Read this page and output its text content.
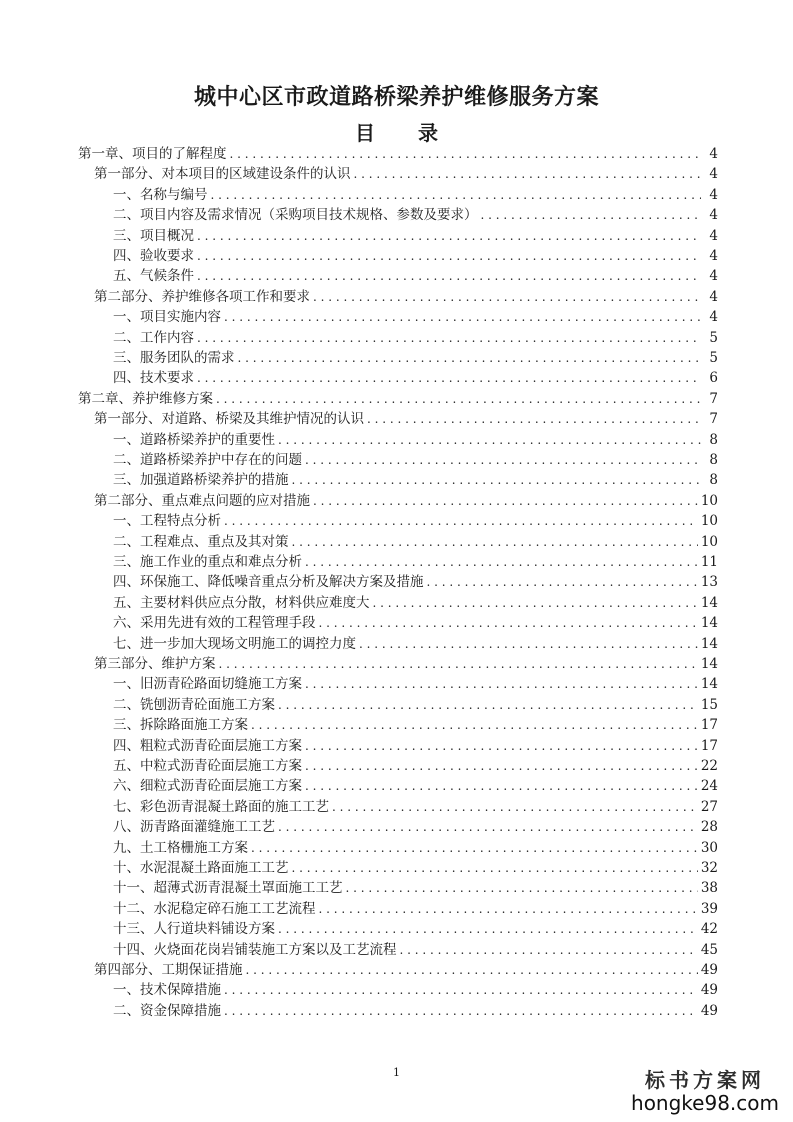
城中心区市政道路桥梁养护维修服务方案
目 录
第一章、项目的了解程度 . . .	4
第一部分、对本项目的区域建设条件的认识 . . .	4
一、名称与编号 . . .	4
二、项目内容及需求情况（采购项目技术规格、参数及要求） . . .	4
三、项目概况 . . .	4
四、验收要求 . . .	4
五、气候条件 . . .	4
第二部分、养护维修各项工作和要求 . . .	4
一、项目实施内容 . . .	4
二、工作内容 . . .	5
三、服务团队的需求 . . .	5
四、技术要求 . . .	6
第二章、养护维修方案 . . .	7
第一部分、对道路、桥梁及其维护情况的认识 . . .	7
一、道路桥梁养护的重要性 . . .	8
二、道路桥梁养护中存在的问题 . . .	8
三、加强道路桥梁养护的措施 . . .	8
第二部分、重点难点问题的应对措施 . . .	10
一、工程特点分析 . . .	10
二、工程难点、重点及其对策 . . .	10
三、施工作业的重点和难点分析 . . .	11
四、环保施工、降低噪音重点分析及解决方案及措施 . . .	13
五、主要材料供应点分散，材料供应难度大 . . .	14
六、采用先进有效的工程管理手段 . . .	14
七、进一步加大现场文明施工的调控力度 . . .	14
第三部分、维护方案 . . .	14
一、旧沥青砼路面切缝施工方案 . . .	14
二、铣刨沥青砼面施工方案 . . .	15
三、拆除路面施工方案 . . .	17
四、粗粒式沥青砼面层施工方案 . . .	17
五、中粒式沥青砼面层施工方案 . . .	22
六、细粒式沥青砼面层施工方案 . . .	24
七、彩色沥青混凝土路面的施工工艺 . . .	27
八、沥青路面灌缝施工工艺 . . .	28
九、土工格栅施工方案 . . .	30
十、水泥混凝土路面施工工艺 . . .	32
十一、超薄式沥青混凝土罩面施工工艺 . . .	38
十二、水泥稳定碎石施工工艺流程 . . .	39
十三、人行道块料铺设方案 . . .	42
十四、火烧面花岗岩铺装施工方案以及工艺流程 . . .	45
第四部分、工期保证措施 . . .	49
一、技术保障措施 . . .	49
二、资金保障措施 . . .	49
1	标书方案网
hongke98.com
